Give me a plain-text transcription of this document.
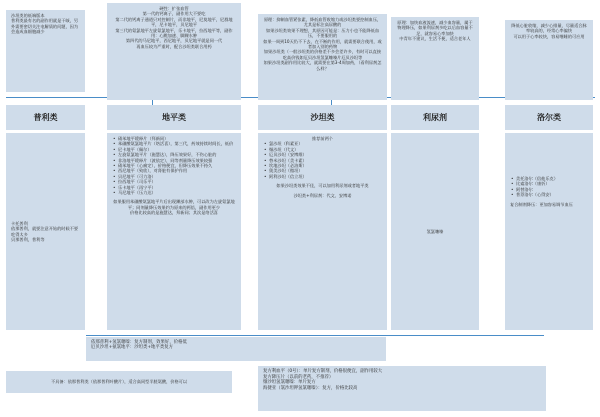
沙坦类的低端版本
普利类最有名的副作用就是干咳，另外需要密切关注电解质的问题，因为会造成血细胞减少
硬性：扩张血管
第一代的钙离子，副作用大不要吃
第二代的钙离子通道只对控制片，而非地平，尼莫地平，尼群地平，尼卡地平，贝尼地平
第三代的氨氯地平左旋氨氯地平，乐卡地平，拉西地平等，副作用：心跳加速、脚踝水肿
第四代的马尼地平，西尼地平，贝尼地平就是同一代
再血压较为严重时，配合沙坦类联合用药
原理：抑制血管紧张素，降低血管收缩力或沙坦类要控制血压，尤其是标注高尿酸的
如果沙坦类效果不理想，其原因可能是：压力小也不能降低血压，不要服用的
如果一周到10天仍不下去，在不断的作用，就需要联合使用，或者加入别的药物
如果沙坦类（一般沙坦类的价格差不多会差许多，有时可以直接吃高价钱如厄贝沙坦氢氯噻嗪片厄贝沙坦等
如果沙坦类副作用比较大，就需要在第3-4周加药，（看利尿剂怎么样？
原理：加快血液流速，减少血容量，属于物理降压，如果利尿剂多吃以后血容量不足，就容易心率加快
中青年不建议，生活不便，适合老年人
降低心脏收缩，减少心排量，尽量适合脉率较高的，经常心率偏快
可以用于心率较快，容易嗜睡的可应用
普利类	地平类	沙坦类	利尿剂	洛尔类
卡托普利
依那普利，就要注意开始的时候不要吃得太多
贝那普利，普利等
• 硝苯地平缓释片（拜新同）
• 苯磺酸氨氯地平片（络活喜），第三代，药效持续时间长，低价
• 尼卡地平（佩尔）
• 左旋氨氯地平片（施慧达），降压效果好，不伤心脏的
• 非洛地平缓释片（波依定），同等剂量降压效果较强
• 硝苯地平（心痛定），价格便宜，但降压效果不持久
• 西尼地平（致欣），对肾脏有保护作用
• 贝尼地平（可力洛）
• 拉西地平（司乐平）
• 乐卡地平（再宁平）
• 马尼地平（压力达）
如果服用苯磺酸氨氯地平片后出现踝部水肿，可以改为左旋氨氯地平；同剂量降压效果约为原来的两倍，副作用更少
价格比较高的是施慧达，拜新同；其次是络活喜
推荐前两个
• 氯沙坦（科素亚）
• 缬沙坦（代文）
• 厄贝沙坦（安博维）
• 替米沙坦（美卡素）
• 坎地沙坦（必洛斯）
• 奥美沙坦（傲坦）
• 阿利沙坦（信立坦）
如果沙坦类效果不佳，可以加用利尿剂或者地平类
沙坦类+利尿剂：代文、安博诺
氢氯噻嗪
• 美托洛尔（倍他乐克）
• 比索洛尔（康忻）
• 阿替洛尔
• 普萘洛尔（心得安）
复合制剂降压：更加容易调节血压
依那普利+氢氯噻嗪：复方制剂，效果好，价格低
厄贝沙坦+氨氯地平：沙坦类+地平类复方
不具备：依那普利类（依那普利叶酸片），适合高同型半胱氨酸，价格可以
复方利血平（0号）：单片复方制剂，价格很便宜，副作用较大
复方降压片（以前的老药，不推荐）
缬沙坦氢氯噻嗪：单片复方
海捷亚（氯沙坦钾氢氯噻嗪）：复方，价格比较高
